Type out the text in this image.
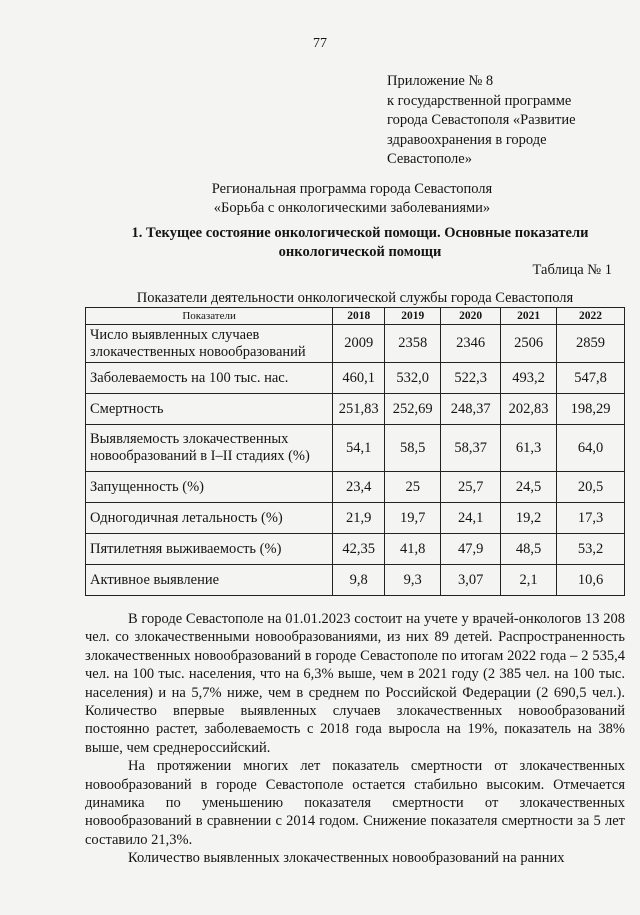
77
Приложение № 8
к государственной программе
города Севастополя «Развитие
здравоохранения в городе
Севастополе»
Региональная программа города Севастополя
«Борьба с онкологическими заболеваниями»
1. Текущее состояние онкологической помощи. Основные показатели
онкологической помощи
Таблица № 1
Показатели деятельности онкологической службы города Севастополя
Показатели	2018	2019	2020	2021	2022
Число выявленных случаев злокачественных новообразований	2009	2358	2346	2506	2859
Заболеваемость на 100 тыс. нас.	460,1	532,0	522,3	493,2	547,8
Смертность	251,83	252,69	248,37	202,83	198,29
Выявляемость злокачественных новообразований в I–II стадиях (%)	54,1	58,5	58,37	61,3	64,0
Запущенность (%)	23,4	25	25,7	24,5	20,5
Одногодичная летальность (%)	21,9	19,7	24,1	19,2	17,3
Пятилетняя выживаемость (%)	42,35	41,8	47,9	48,5	53,2
Активное выявление	9,8	9,3	3,07	2,1	10,6

В городе Севастополе на 01.01.2023 состоит на учете у врачей-онкологов 13 208 чел. со злокачественными новообразованиями, из них 89 детей. Распространенность злокачественных новообразований в городе Севастополе по итогам 2022 года – 2 535,4 чел. на 100 тыс. населения, что на 6,3% выше, чем в 2021 году (2 385 чел. на 100 тыс. населения) и на 5,7% ниже, чем в среднем по Российской Федерации (2 690,5 чел.). Количество впервые выявленных случаев злокачественных новообразований постоянно растет, заболеваемость с 2018 года выросла на 19%, показатель на 38% выше, чем среднероссийский.

На протяжении многих лет показатель смертности от злокачественных новообразований в городе Севастополе остается стабильно высоким. Отмечается динамика по уменьшению показателя смертности от злокачественных новообразований в сравнении с 2014 годом. Снижение показателя смертности за 5 лет составило 21,3%.

Количество выявленных злокачественных новообразований на ранних
